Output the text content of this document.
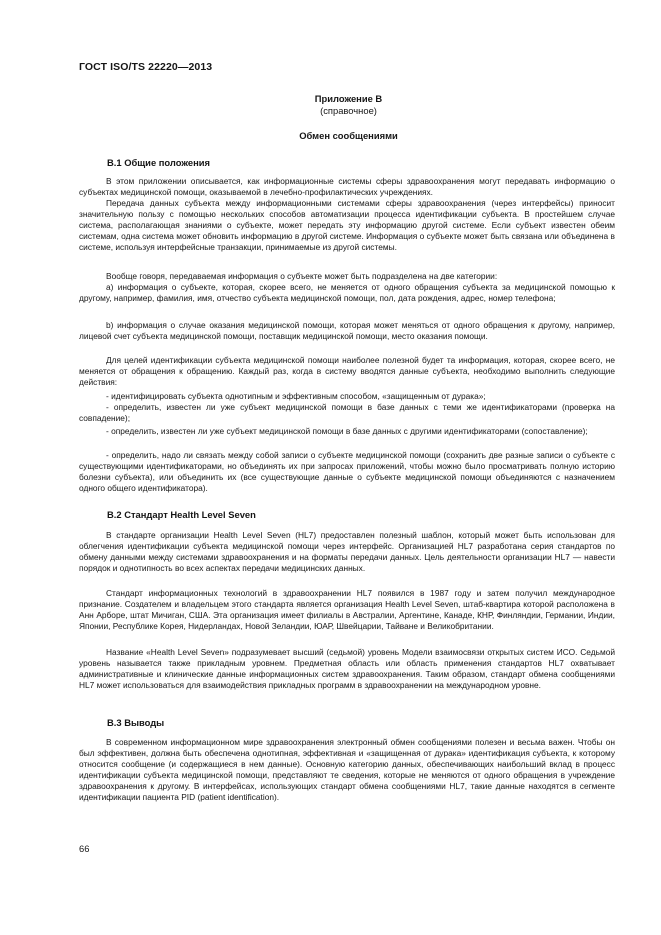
ГОСТ ISO/TS 22220—2013
Приложение В
(справочное)
Обмен сообщениями
В.1 Общие положения

В этом приложении описывается, как информационные системы сферы здравоохранения могут передавать информацию о субъектах медицинской помощи, оказываемой в лечебно-профилактических учреждениях.

Передача данных субъекта между информационными системами сферы здравоохранения (через интерфейсы) приносит значительную пользу с помощью нескольких способов автоматизации процесса идентификации субъекта. В простейшем случае система, располагающая знаниями о субъекте, может передать эту информацию другой системе. Если субъект известен обеим системам, одна система может обновить информацию в другой системе. Информация о субъекте может быть связана или объединена в системе, используя интерфейсные транзакции, принимаемые из другой системы.

Вообще говоря, передаваемая информация о субъекте может быть подразделена на две категории:

а) информация о субъекте, которая, скорее всего, не меняется от одного обращения субъекта за медицинской помощью к другому, например, фамилия, имя, отчество субъекта медицинской помощи, пол, дата рождения, адрес, номер телефона;

b) информация о случае оказания медицинской помощи, которая может меняться от одного обращения к другому, например, лицевой счет субъекта медицинской помощи, поставщик медицинской помощи, место оказания помощи.

Для целей идентификации субъекта медицинской помощи наиболее полезной будет та информация, которая, скорее всего, не меняется от обращения к обращению. Каждый раз, когда в систему вводятся данные субъекта, необходимо выполнить следующие действия:

- идентифицировать субъекта однотипным и эффективным способом, «защищенным от дурака»;

- определить, известен ли уже субъект медицинской помощи в базе данных с теми же идентификаторами (проверка на совпадение);

- определить, известен ли уже субъект медицинской помощи в базе данных с другими идентификаторами (сопоставление);

- определить, надо ли связать между собой записи о субъекте медицинской помощи (сохранить две разные записи о субъекте с существующими идентификаторами, но объединять их при запросах приложений, чтобы можно было просматривать полную историю болезни субъекта), или объединить их (все существующие данные о субъекте медицинской помощи объединяются с назначением одного общего идентификатора).

В.2 Стандарт Health Level Seven

В стандарте организации Health Level Seven (HL7) предоставлен полезный шаблон, который может быть использован для облегчения идентификации субъекта медицинской помощи через интерфейс. Организацией HL7 разработана серия стандартов по обмену данными между системами здравоохранения и на форматы передачи данных. Цель деятельности организации HL7 — навести порядок и однотипность во всех аспектах передачи медицинских данных.

Стандарт информационных технологий в здравоохранении HL7 появился в 1987 году и затем получил международное признание. Создателем и владельцем этого стандарта является организация Health Level Seven, штаб-квартира которой расположена в Анн Арборе, штат Мичиган, США. Эта организация имеет филиалы в Австралии, Аргентине, Канаде, КНР, Финляндии, Германии, Индии, Японии, Республике Корея, Нидерландах, Новой Зеландии, ЮАР, Швейцарии, Тайване и Великобритании.

Название «Health Level Seven» подразумевает высший (седьмой) уровень Модели взаимосвязи открытых систем ИСО. Седьмой уровень называется также прикладным уровнем. Предметная область или область применения стандартов HL7 охватывает административные и клинические данные информационных систем здравоохранения. Таким образом, стандарт обмена сообщениями HL7 может использоваться для взаимодействия прикладных программ в здравоохранении на международном уровне.

В.3 Выводы

В современном информационном мире здравоохранения электронный обмен сообщениями полезен и весьма важен. Чтобы он был эффективен, должна быть обеспечена однотипная, эффективная и «защищенная от дурака» идентификация субъекта, к которому относится сообщение (и содержащиеся в нем данные). Основную категорию данных, обеспечивающих наибольший вклад в процесс идентификации субъекта медицинской помощи, представляют те сведения, которые не меняются от одного обращения в учреждение здравоохранения к другому. В интерфейсах, использующих стандарт обмена сообщениями HL7, такие данные находятся в сегменте идентификации пациента PID (patient identification).

66
